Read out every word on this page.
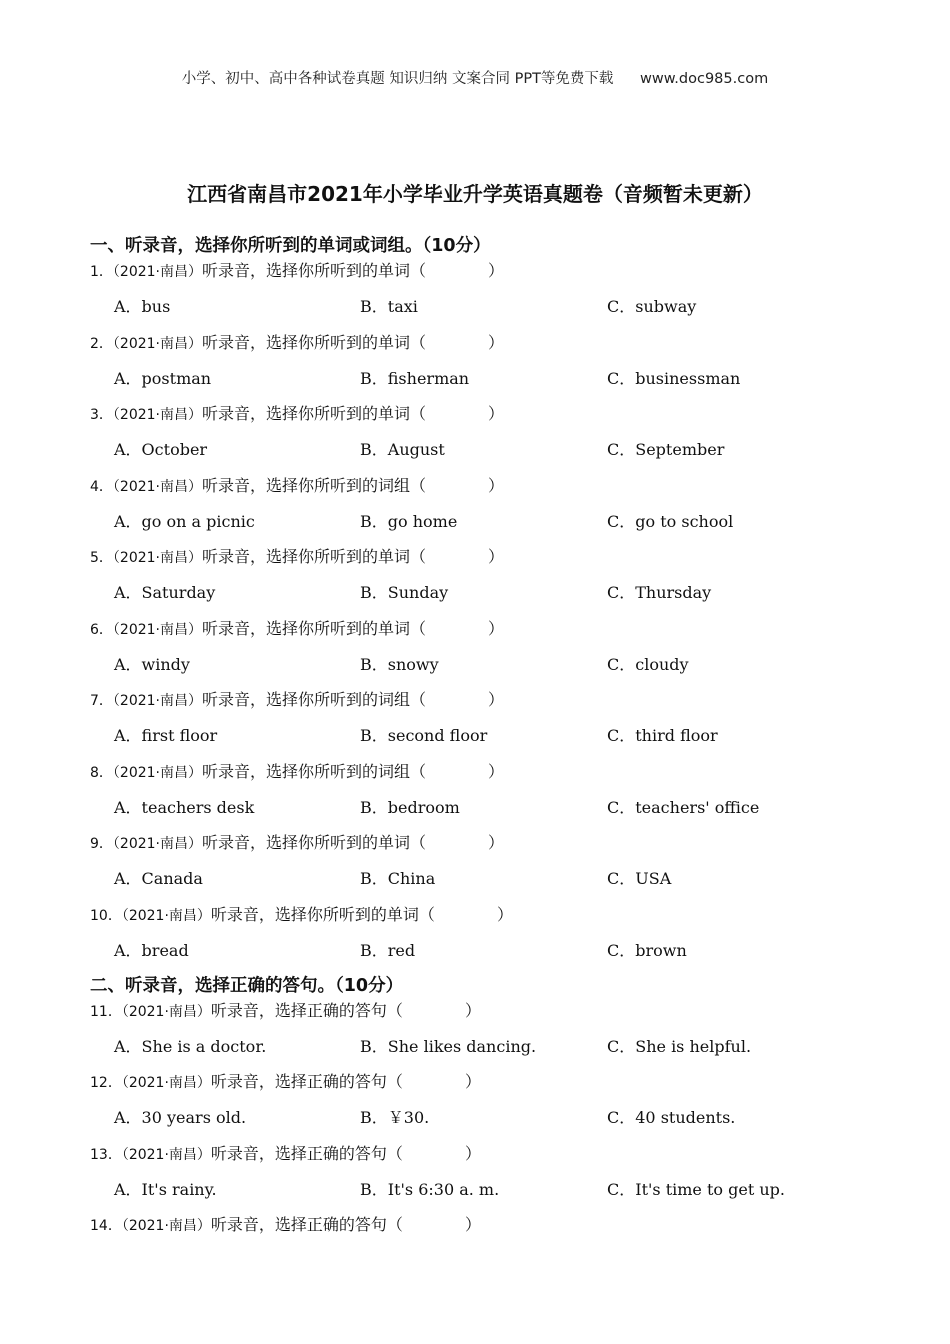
小学、初中、高中各种试卷真题 知识归纳 文案合同 PPT等免费下载 www.doc985.com
江西省南昌市2021年小学毕业升学英语真题卷（音频暂未更新）
一、听录音，选择你所听到的单词或词组。（10分）
二、听录音，选择正确的答句。（10分）
1．（2021·南昌）听录音，选择你所听到的单词（	）
A．bus	B．taxi	C．subway
2．（2021·南昌）听录音，选择你所听到的单词（	）
A．postman	B．fisherman	C．businessman
3．（2021·南昌）听录音，选择你所听到的单词（	）
A．October	B．August	C．September
4．（2021·南昌）听录音，选择你所听到的词组（	）
A．go on a picnic	B．go home	C．go to school
5．（2021·南昌）听录音，选择你所听到的单词（	）
A．Saturday	B．Sunday	C．Thursday
6．（2021·南昌）听录音，选择你所听到的单词（	）
A．windy	B．snowy	C．cloudy
7．（2021·南昌）听录音，选择你所听到的词组（	）
A．first floor	B．second floor	C．third floor
8．（2021·南昌）听录音，选择你所听到的词组（	）
A．teachers desk	B．bedroom	C．teachers' office
9．（2021·南昌）听录音，选择你所听到的单词（	）
A．Canada	B．China	C．USA
10．（2021·南昌）听录音，选择你所听到的单词（	）
A．bread	B．red	C．brown
11．（2021·南昌）听录音，选择正确的答句（	）
A．She is a doctor.	B．She likes dancing.	C．She is helpful.
12．（2021·南昌）听录音，选择正确的答句（	）
A．30 years old.	B．￥30.	C．40 students.
13．（2021·南昌）听录音，选择正确的答句（	）
A．It's rainy.	B．It's 6:30 a. m.	C．It's time to get up.
14．（2021·南昌）听录音，选择正确的答句（	）
